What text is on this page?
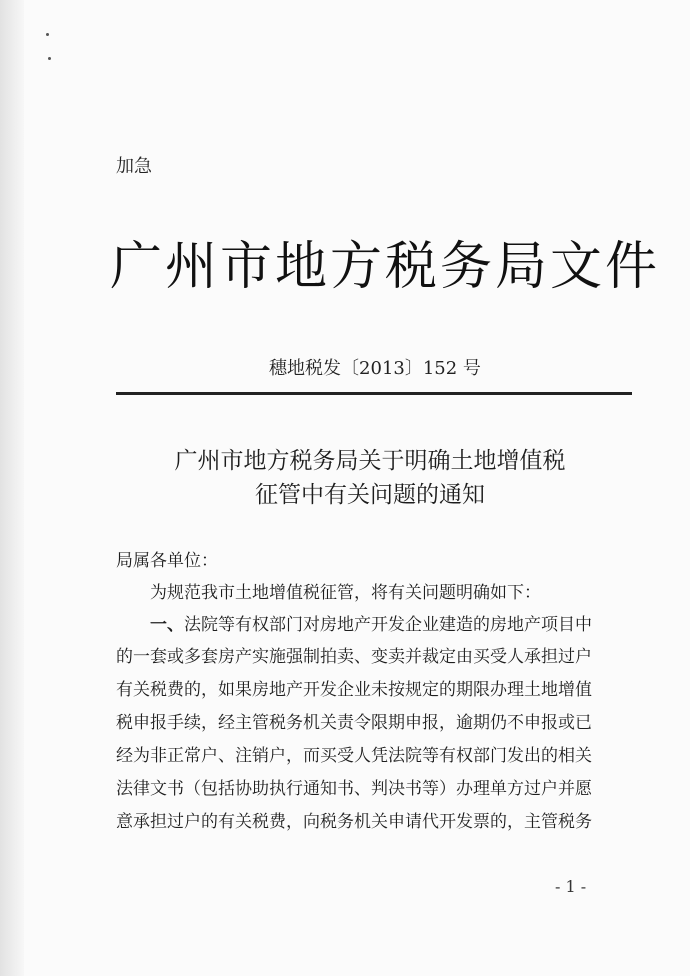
加急
广州市地方税务局文件
穗地税发〔2013〕152 号
广州市地方税务局关于明确土地增值税
征管中有关问题的通知
局属各单位：
为规范我市土地增值税征管，将有关问题明确如下：
一、法院等有权部门对房地产开发企业建造的房地产项目中
的一套或多套房产实施强制拍卖、变卖并裁定由买受人承担过户
有关税费的，如果房地产开发企业未按规定的期限办理土地增值
税申报手续，经主管税务机关责令限期申报，逾期仍不申报或已
经为非正常户、注销户，而买受人凭法院等有权部门发出的相关
法律文书（包括协助执行通知书、判决书等）办理单方过户并愿
意承担过户的有关税费，向税务机关申请代开发票的，主管税务
- 1 -
